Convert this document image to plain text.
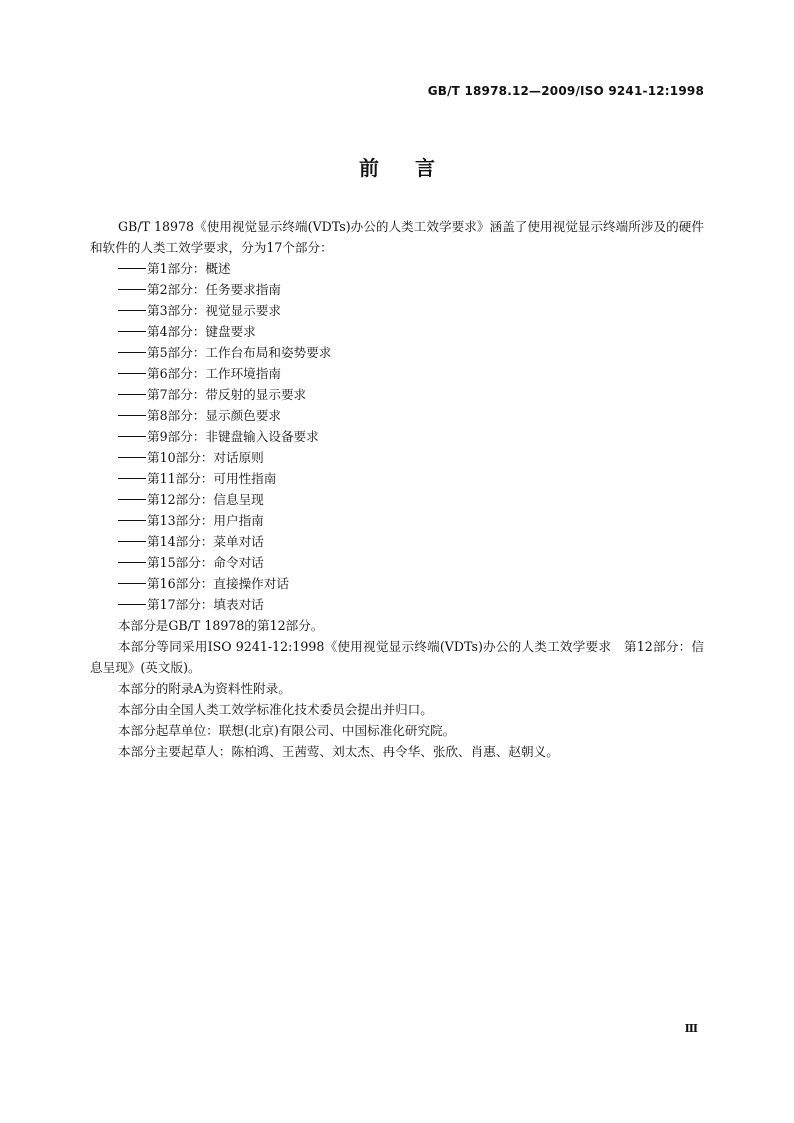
GB/T 18978.12—2009/ISO 9241-12:1998
前言

GB/T 18978《使用视觉显示终端(VDTs)办公的人类工效学要求》涵盖了使用视觉显示终端所涉及的硬件和软件的人类工效学要求，分为17个部分：

第1部分：概述
第2部分：任务要求指南
第3部分：视觉显示要求
第4部分：键盘要求
第5部分：工作台布局和姿势要求
第6部分：工作环境指南
第7部分：带反射的显示要求
第8部分：显示颜色要求
第9部分：非键盘输入设备要求
第10部分：对话原则
第11部分：可用性指南
第12部分：信息呈现
第13部分：用户指南
第14部分：菜单对话
第15部分：命令对话
第16部分：直接操作对话
第17部分：填表对话

本部分是GB/T 18978的第12部分。

本部分等同采用ISO 9241-12:1998《使用视觉显示终端(VDTs)办公的人类工效学要求　第12部分：信息呈现》(英文版)。

本部分的附录A为资料性附录。

本部分由全国人类工效学标准化技术委员会提出并归口。

本部分起草单位：联想(北京)有限公司、中国标准化研究院。

本部分主要起草人：陈柏鸿、王茜莺、刘太杰、冉令华、张欣、肖惠、赵朝义。

Ⅲ
